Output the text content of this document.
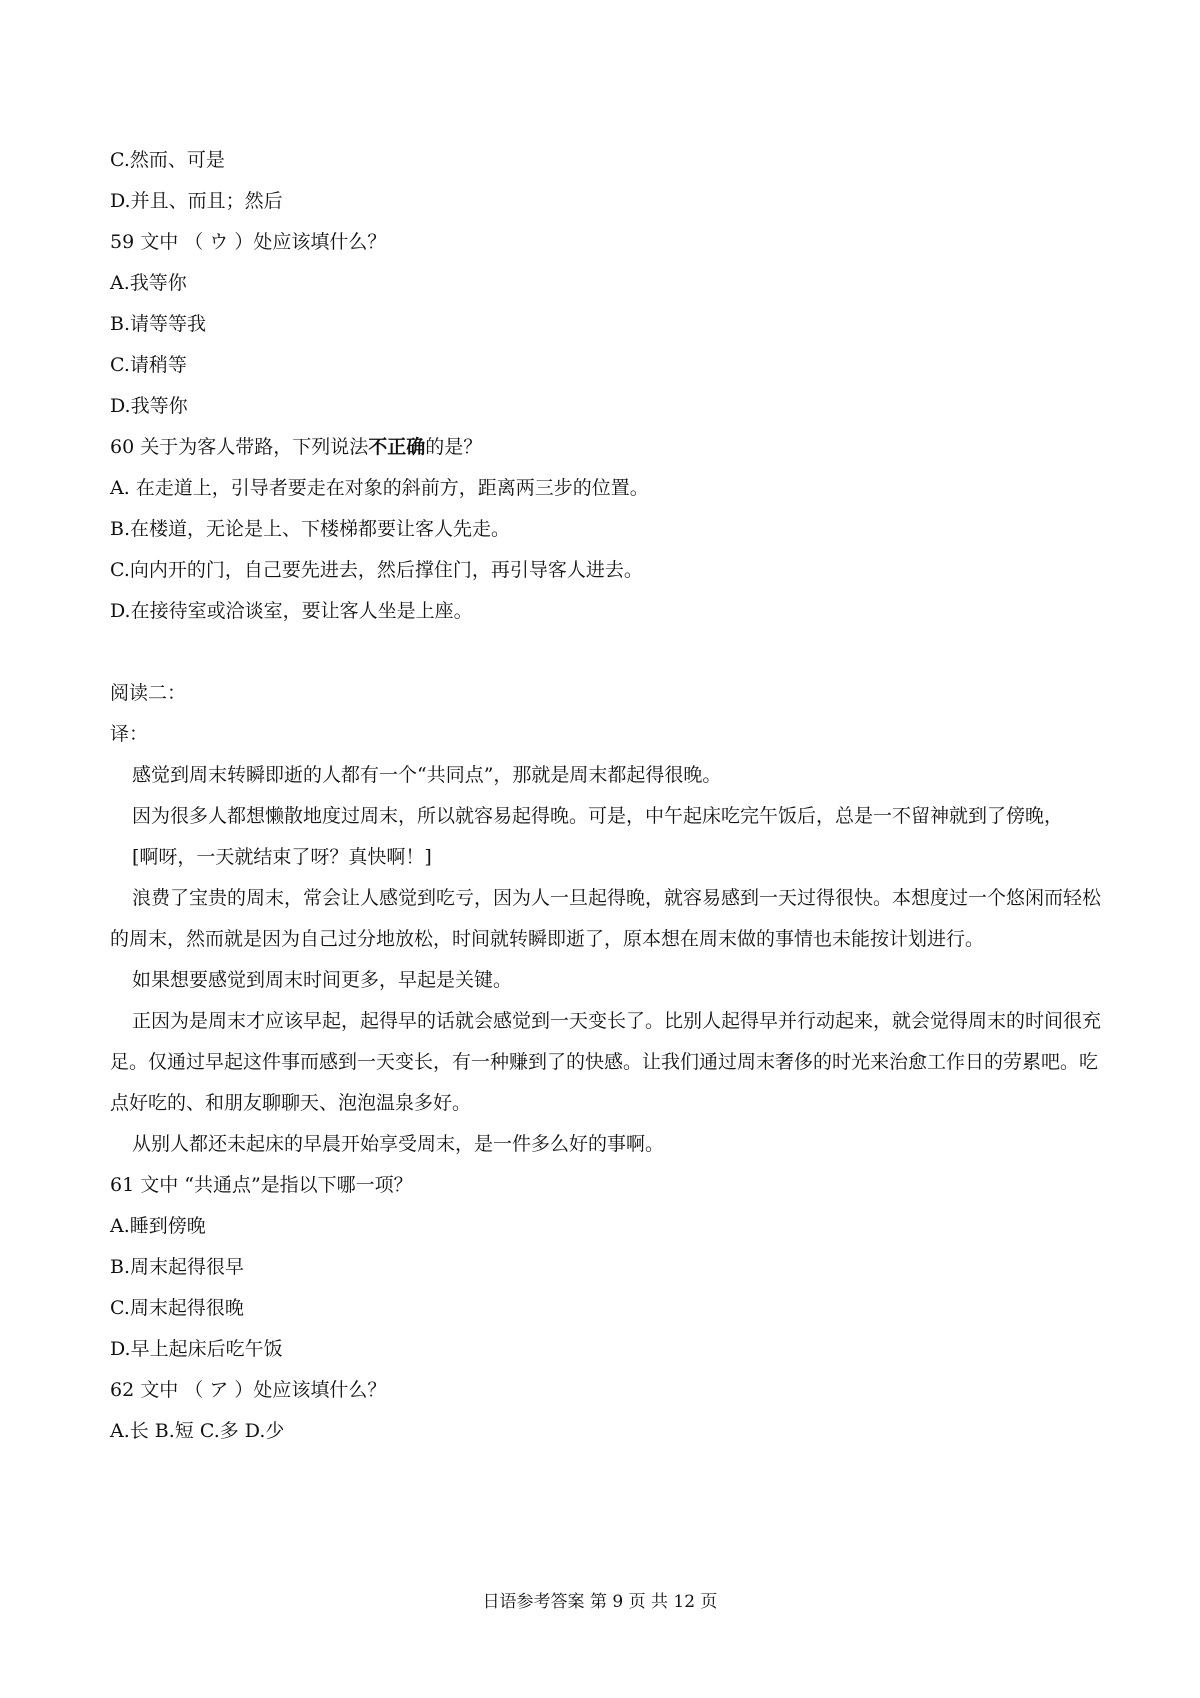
C.然而、可是
D.并且、而且；然后
59 文中 （ ウ ）处应该填什么？
A.我等你
B.请等等我
C.请稍等
D.我等你
60 关于为客人带路，下列说法不正确的是？
A. 在走道上，引导者要走在对象的斜前方，距离两三步的位置。
B.在楼道，无论是上、下楼梯都要让客人先走。
C.向内开的门，自己要先进去，然后撑住门，再引导客人进去。
D.在接待室或洽谈室，要让客人坐是上座。
阅读二：
译：
感觉到周末转瞬即逝的人都有一个“共同点”，那就是周末都起得很晚。
因为很多人都想懒散地度过周末，所以就容易起得晚。可是，中午起床吃完午饭后，总是一不留神就到了傍晚，
[啊呀，一天就结束了呀？真快啊！]
浪费了宝贵的周末，常会让人感觉到吃亏，因为人一旦起得晚，就容易感到一天过得很快。本想度过一个悠闲而轻松的周末，然而就是因为自己过分地放松，时间就转瞬即逝了，原本想在周末做的事情也未能按计划进行。
如果想要感觉到周末时间更多，早起是关键。
正因为是周末才应该早起，起得早的话就会感觉到一天变长了。比别人起得早并行动起来，就会觉得周末的时间很充足。仅通过早起这件事而感到一天变长，有一种赚到了的快感。让我们通过周末奢侈的时光来治愈工作日的劳累吧。吃点好吃的、和朋友聊聊天、泡泡温泉多好。
从别人都还未起床的早晨开始享受周末，是一件多么好的事啊。
61 文中 “共通点”是指以下哪一项？
A.睡到傍晚
B.周末起得很早
C.周末起得很晚
D.早上起床后吃午饭
62 文中 （ ア ）处应该填什么？
A.长 B.短 C.多 D.少
日语参考答案 第 9 页 共 12 页
